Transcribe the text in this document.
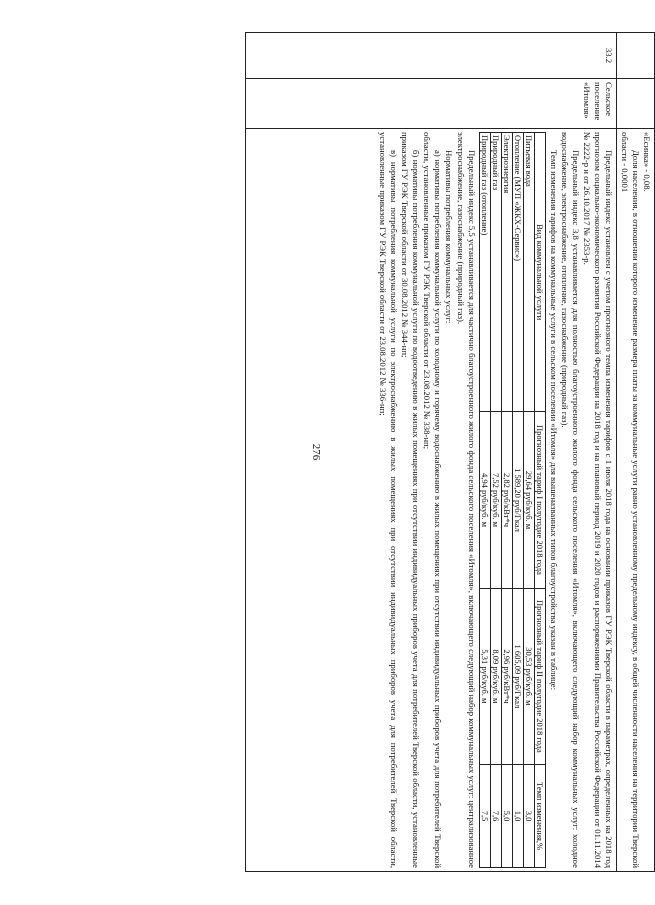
276

«Есинка» - 0,08.

Доля населения, в отношении которого изменение размера платы за коммунальные услуги равно установленному предельному индексу, в общей численности населения на территории Тверской области - 0,0001

33.2	Сельское поселение «Итомля»	

Предельный индекс установлен с учетом прогнозного темпа изменения тарифов с 1 июля 2018 года на основании приказов ГУ РЭК Тверской области в параметрах, определенных на 2018 год прогнозом социально-экономического развития Российской Федерации на 2018 год и на плановый период 2019 и 2020 годов и распоряжениями Правительства Российской Федерации от 01.11.2014 № 2222-р и от 26.10.2017 № 2353-р.

Предельный индекс 3,8 устанавливается для полностью благоустроенного жилого фонда сельского поселения «Итомля», включающего следующий набор коммунальных услуг: холодное водоснабжение, электроснабжение, отопление, газоснабжение (природный газ).

Темп изменения тарифов на коммунальные услуги в сельском поселении «Итомля» для вышеназванных типов благоустройства указан в таблице:

Вид коммунальной услуги	Прогнозный тариф I полугодие 2018 года	Прогнозный тариф II полугодие 2018 года	Темп изменения,%
Питьевая вода	29,64 руб/куб. м	30,53 руб/куб. м	3,0
Отопление (МУП «ЖКХ-Сервис»)	1 589,20 руб/Гкал	1 605,09 руб/Гкал	1,0
Электроэнергия	2,82 руб/кВт*ч	2,96 руб/кВт*ч	5,0
Природный газ	7,52 руб/куб. м	8,09 руб/куб. м	7,6
Природный газ (отопление)	4,94 руб/куб. м	5,31 руб/куб. м	7,5

Предельный индекс 5,5 устанавливается для частично благоустроенного жилого фонда сельского поселения «Итомля», включающего следующий набор коммунальных услуг: централизованное электроснабжение, газоснабжение (природный газ).

Нормативы потребления коммунальных услуг:

а) нормативы потребления коммунальной услуги по холодному и горячему водоснабжению в жилых помещениях при отсутствии индивидуальных приборов учета для потребителей Тверской области, установленные приказом ГУ РЭК Тверской области от 23.08.2012 № 338-нп;

б) нормативы потребления коммунальной услуги по водоотведению в жилых помещениях при отсутствии индивидуальных приборов учета для потребителей Тверской области, установленные приказом ГУ РЭК Тверской области от 30.08.2012 № 344-нп;

в) нормативы потребления коммунальной услуги по электроснабжению в жилых помещениях при отсутствии индивидуальных приборов учета для потребителей Тверской области, установленные приказом ГУ РЭК Тверской области от 23.08.2012 № 336-нп;
